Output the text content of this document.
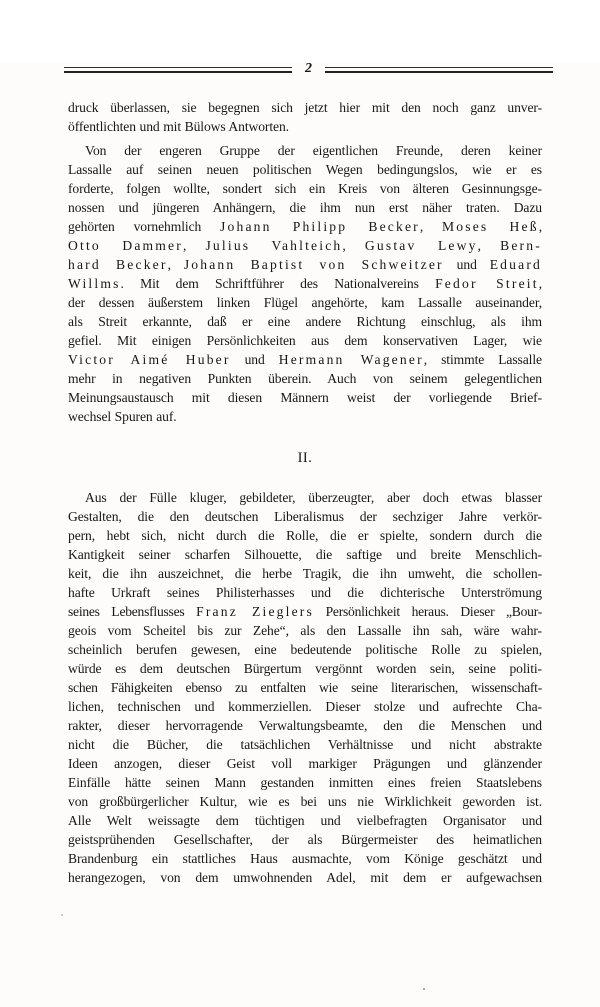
2
druck überlassen, sie begegnen sich jetzt hier mit den noch ganz unver-
öffentlichten und mit Bülows Antworten.
Von der engeren Gruppe der eigentlichen Freunde, deren keiner
Lassalle auf seinen neuen politischen Wegen bedingungslos, wie er es
forderte, folgen wollte, sondert sich ein Kreis von älteren Gesinnungsge-
nossen und jüngeren Anhängern, die ihm nun erst näher traten. Dazu
gehörten vornehmlich Johann Philipp Becker, Moses Heß,
Otto Dammer, Julius Vahlteich, Gustav Lewy, Bern-
hard Becker, Johann Baptist von Schweitzer und Eduard
Willms. Mit dem Schriftführer des Nationalvereins Fedor Streit,
der dessen äußerstem linken Flügel angehörte, kam Lassalle auseinander,
als Streit erkannte, daß er eine andere Richtung einschlug, als ihm
gefiel. Mit einigen Persönlichkeiten aus dem konservativen Lager, wie
Victor Aimé Huber und Hermann Wagener, stimmte Lassalle
mehr in negativen Punkten überein. Auch von seinem gelegentlichen
Meinungsaustausch mit diesen Männern weist der vorliegende Brief-
wechsel Spuren auf.
II.
Aus der Fülle kluger, gebildeter, überzeugter, aber doch etwas blasser
Gestalten, die den deutschen Liberalismus der sechziger Jahre verkör-
pern, hebt sich, nicht durch die Rolle, die er spielte, sondern durch die
Kantigkeit seiner scharfen Silhouette, die saftige und breite Menschlich-
keit, die ihn auszeichnet, die herbe Tragik, die ihn umweht, die schollen-
hafte Urkraft seines Philisterhasses und die dichterische Unterströmung
seines Lebensflusses Franz Zieglers Persönlichkeit heraus. Dieser „Bour-
geois vom Scheitel bis zur Zehe“, als den Lassalle ihn sah, wäre wahr-
scheinlich berufen gewesen, eine bedeutende politische Rolle zu spielen,
würde es dem deutschen Bürgertum vergönnt worden sein, seine politi-
schen Fähigkeiten ebenso zu entfalten wie seine literarischen, wissenschaft-
lichen, technischen und kommerziellen. Dieser stolze und aufrechte Cha-
rakter, dieser hervorragende Verwaltungsbeamte, den die Menschen und
nicht die Bücher, die tatsächlichen Verhältnisse und nicht abstrakte
Ideen anzogen, dieser Geist voll markiger Prägungen und glänzender
Einfälle hätte seinen Mann gestanden inmitten eines freien Staatslebens
von großbürgerlicher Kultur, wie es bei uns nie Wirklichkeit geworden ist.
Alle Welt weissagte dem tüchtigen und vielbefragten Organisator und
geistsprühenden Gesellschafter, der als Bürgermeister des heimatlichen
Brandenburg ein stattliches Haus ausmachte, vom Könige geschätzt und
herangezogen, von dem umwohnenden Adel, mit dem er aufgewachsen
